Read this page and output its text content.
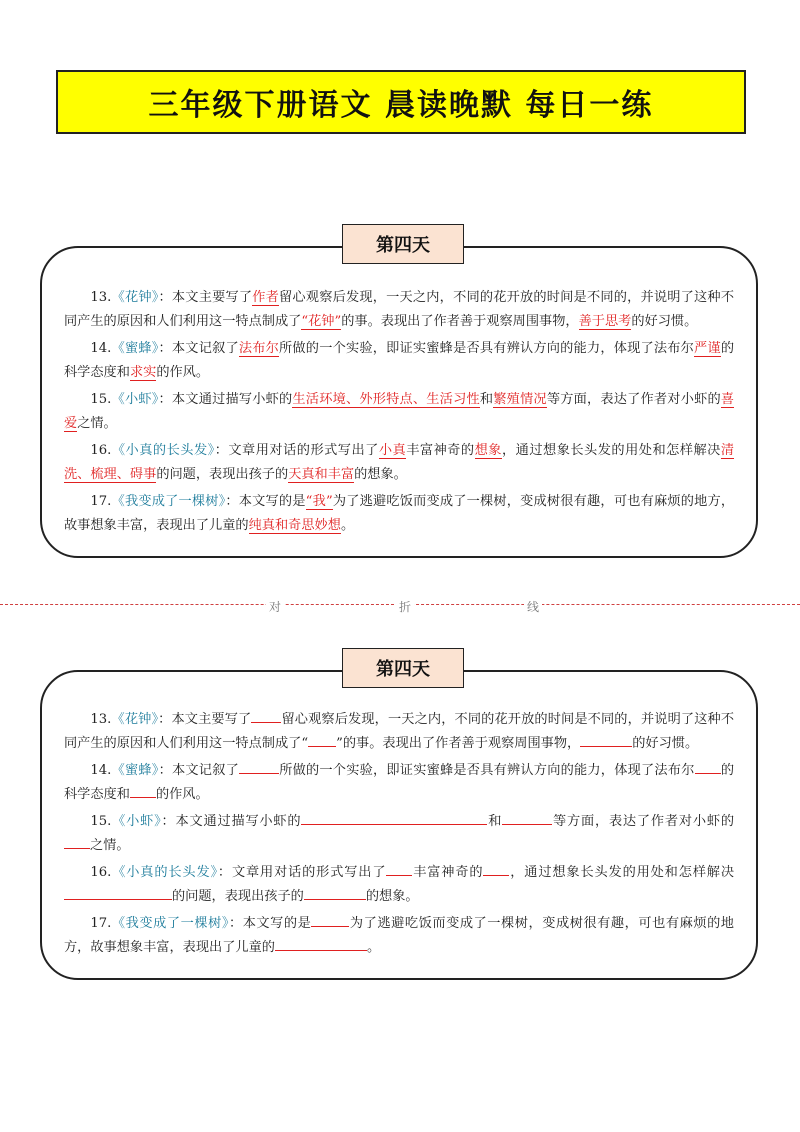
三年级下册语文 晨读晚默 每日一练
第四天

13.《花钟》：本文主要写了作者留心观察后发现，一天之内，不同的花开放的时间是不同的，并说明了这种不同产生的原因和人们利用这一特点制成了“花钟”的事。表现出了作者善于观察周围事物，善于思考的好习惯。

14.《蜜蜂》：本文记叙了法布尔所做的一个实验，即证实蜜蜂是否具有辨认方向的能力，体现了法布尔严谨的科学态度和求实的作风。

15.《小虾》：本文通过描写小虾的生活环境、外形特点、生活习性和繁殖情况等方面，表达了作者对小虾的喜爱之情。

16.《小真的长头发》：文章用对话的形式写出了小真丰富神奇的想象，通过想象长头发的用处和怎样解决清洗、梳理、碍事的问题，表现出孩子的天真和丰富的想象。

17.《我变成了一棵树》：本文写的是“我”为了逃避吃饭而变成了一棵树，变成树很有趣，可也有麻烦的地方，故事想象丰富，表现出了儿童的纯真和奇思妙想。

对	折	线
第四天

13.《花钟》：本文主要写了 留心观察后发现，一天之内，不同的花开放的时间是不同的，并说明了这种不同产生的原因和人们利用这一特点制成了“ ”的事。表现出了作者善于观察周围事物，	的好习惯。

14.《蜜蜂》：本文记叙了	所做的一个实验，即证实蜜蜂是否具有辨认方向的能力，体现了法布尔 的科学态度和 的作风。

15.《小虾》：本文通过描写小虾的	和	等方面，表达了作者对小虾的之情。

16.《小真的长头发》：文章用对话的形式写出了 丰富神奇的 ，通过想象长头发的用处和怎样解决的问题，表现出孩子的	的想象。

17.《我变成了一棵树》：本文写的是	为了逃避吃饭而变成了一棵树，变成树很有趣，可也有麻烦的地方，故事想象丰富，表现出了儿童的	。
